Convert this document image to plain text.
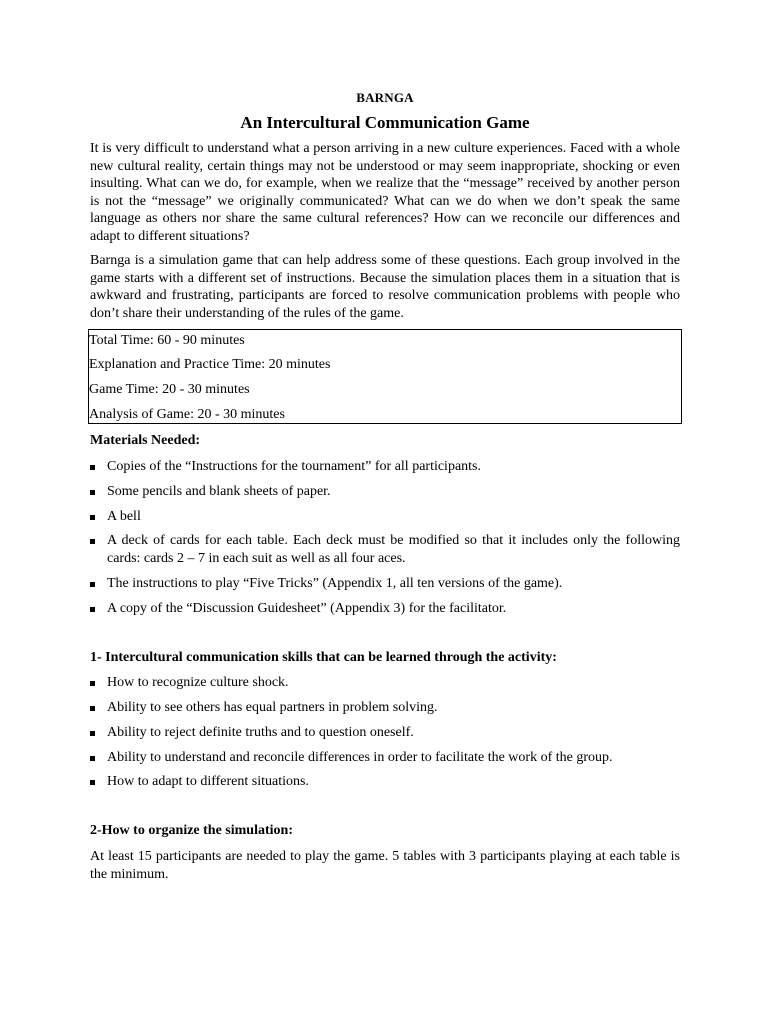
BARNGA
An Intercultural Communication Game

It is very difficult to understand what a person arriving in a new culture experiences. Faced with a whole new cultural reality, certain things may not be understood or may seem inappropriate, shocking or even insulting. What can we do, for example, when we realize that the “message” received by another person is not the “message” we originally communicated? What can we do when we don’t speak the same language as others nor share the same cultural references? How can we reconcile our differences and adapt to different situations?

Barnga is a simulation game that can help address some of these questions. Each group involved in the game starts with a different set of instructions. Because the simulation places them in a situation that is awkward and frustrating, participants are forced to resolve communication problems with people who don’t share their understanding of the rules of the game.

Total Time: 60 - 90 minutes
Explanation and Practice Time: 20 minutes
Game Time: 20 - 30 minutes
Analysis of Game: 20 - 30 minutes
Materials Needed:
Copies of the “Instructions for the tournament” for all participants.
Some pencils and blank sheets of paper.
A bell
A deck of cards for each table. Each deck must be modified so that it includes only the following cards: cards 2 – 7 in each suit as well as all four aces.
The instructions to play “Five Tricks” (Appendix 1, all ten versions of the game).
A copy of the “Discussion Guidesheet” (Appendix 3) for the facilitator.
1- Intercultural communication skills that can be learned through the activity:
How to recognize culture shock.
Ability to see others has equal partners in problem solving.
Ability to reject definite truths and to question oneself.
Ability to understand and reconcile differences in order to facilitate the work of the group.
How to adapt to different situations.
2-How to organize the simulation:

At least 15 participants are needed to play the game. 5 tables with 3 participants playing at each table is the minimum.
